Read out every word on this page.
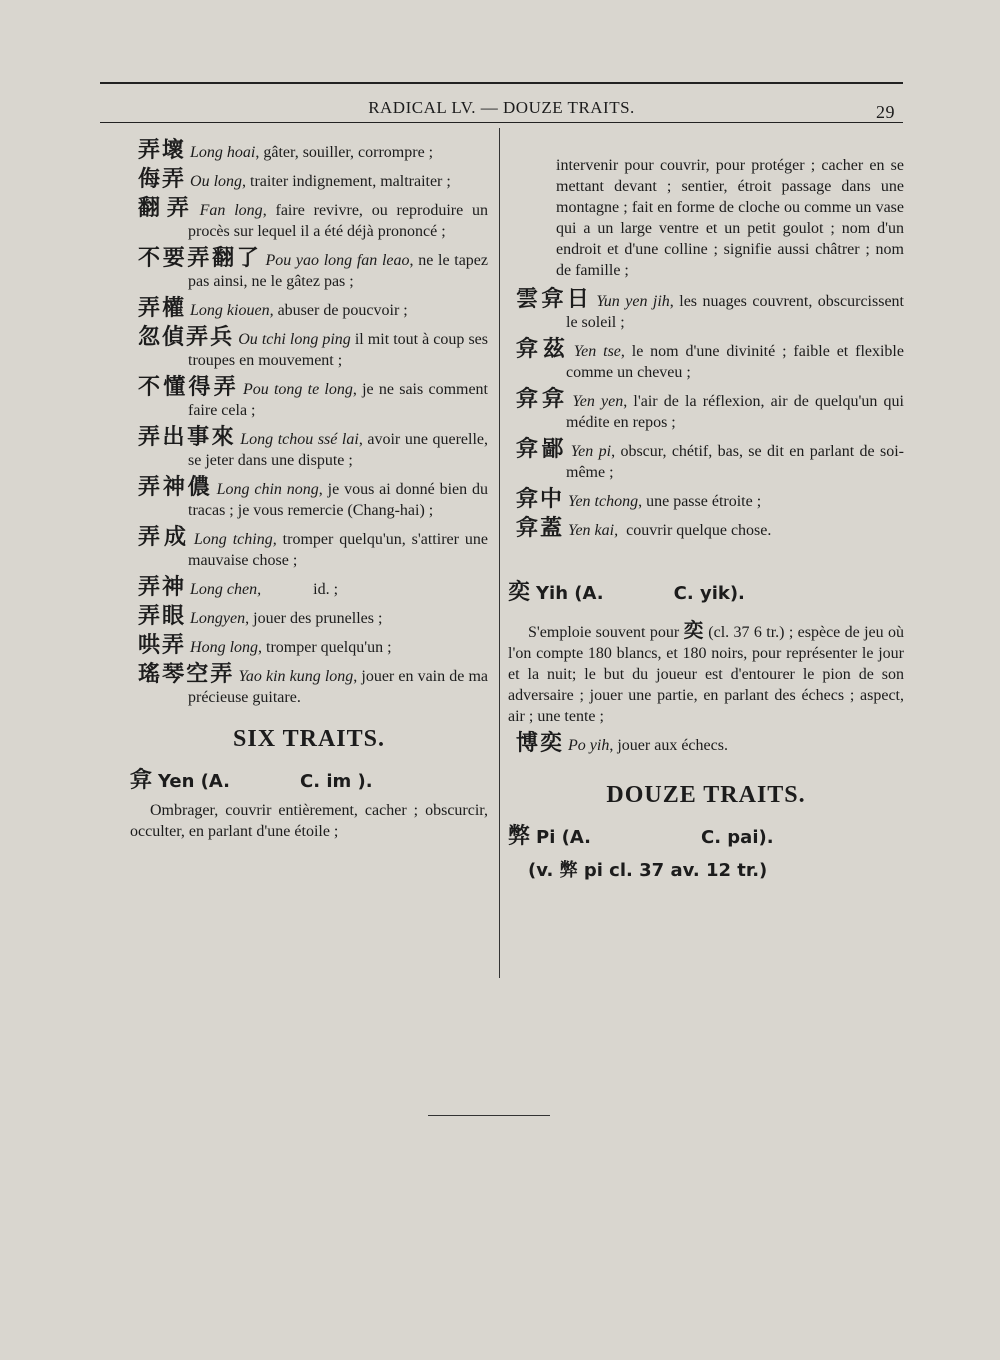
RADICAL LV. — DOUZE TRAITS.	29
弄壞 Long hoai, gâter, souiller, corrompre ;
侮弄 Ou long, traiter indignement, maltraiter ;
翻弄 Fan long, faire revivre, ou reproduire un procès sur lequel il a été déjà prononcé ;
不要弄翻了 Pou yao long fan leao, ne le tapez pas ainsi, ne le gâtez pas ;
弄權 Long kiouen, abuser de poucvoir ;
忽偵弄兵 Ou tchi long ping il mit tout à coup ses troupes en mouvement ;
不懂得弄 Pou tong te long, je ne sais comment faire cela ;
弄出事來 Long tchou ssé lai, avoir une querelle, se jeter dans une dispute ;
弄神儂 Long chin nong, je vous ai donné bien du tracas ; je vous remercie (Chang-hai) ;
弄成 Long tching, tromper quelqu'un, s'attirer une mauvaise chose ;
弄神 Long chen,             id. ;
弄眼 Longyen, jouer des prunelles ;
哄弄 Hong long, tromper quelqu'un ;
瑤琴空弄 Yao kin kung long, jouer en vain de ma précieuse guitare.
SIX TRAITS.
弇 Yen (A.	C. im ).
Ombrager, couvrir entièrement, cacher ; obscurcir, occulter, en parlant d'une étoile ;
intervenir pour couvrir, pour protéger ; cacher en se mettant devant ; sentier, étroit passage dans une montagne ; fait en forme de cloche ou comme un vase qui a un large ventre et un petit goulot ; nom d'un endroit et d'une colline ; signifie aussi châtrer ; nom de famille ;
雲弇日 Yun yen jih, les nuages couvrent, obscurcissent le soleil ;
弇茲 Yen tse, le nom d'une divinité ; faible et flexible comme un cheveu ;
弇弇 Yen yen, l'air de la réflexion, air de quelqu'un qui médite en repos ;
弇鄙 Yen pi, obscur, chétif, bas, se dit en parlant de soi-même ;
弇中 Yen tchong, une passe étroite ;
弇蓋 Yen kai,  couvrir quelque chose.
奕 Yih (A.	C. yik).
S'emploie souvent pour 奕 (cl. 37 6 tr.) ; espèce de jeu où l'on compte 180 blancs, et 180 noirs, pour représenter le jour et la nuit; le but du joueur est d'entourer le pion de son adversaire ; jouer une partie, en parlant des échecs ; aspect, air ; une tente ;
博奕 Po yih, jouer aux échecs.
DOUZE TRAITS.
弊 Pi (A.	C. pai).
(v. 弊 pi cl. 37 av. 12 tr.)
